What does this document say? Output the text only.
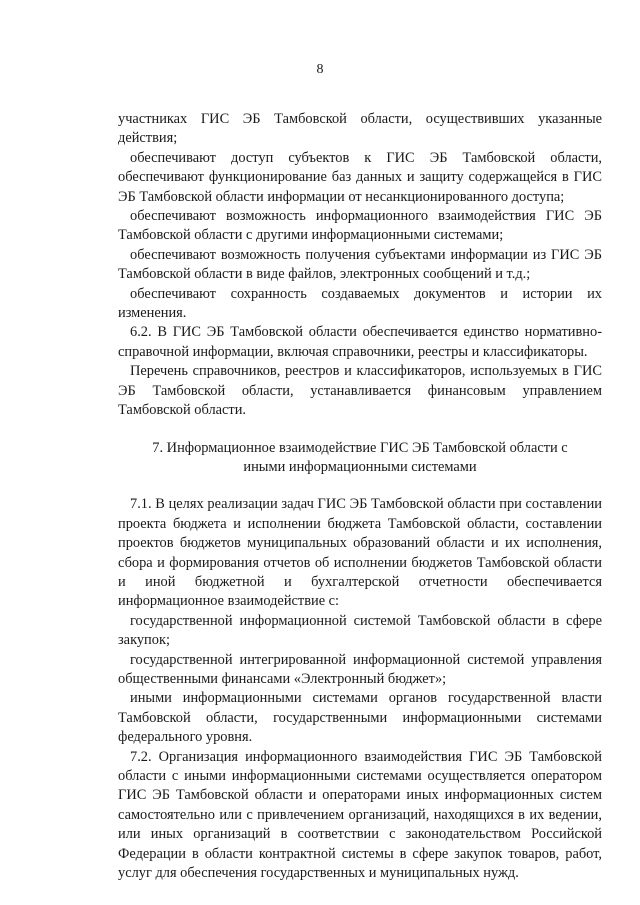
8

участниках ГИС ЭБ Тамбовской области, осуществивших указанные действия;

обеспечивают доступ субъектов к ГИС ЭБ Тамбовской области, обеспечивают функционирование баз данных и защиту содержащейся в ГИС ЭБ Тамбовской области информации от несанкционированного доступа;

обеспечивают возможность информационного взаимодействия ГИС ЭБ Тамбовской области с другими информационными системами;

обеспечивают возможность получения субъектами информации из ГИС ЭБ Тамбовской области в виде файлов, электронных сообщений и т.д.;

обеспечивают сохранность создаваемых документов и истории их изменения.

6.2. В ГИС ЭБ Тамбовской области обеспечивается единство нормативно-справочной информации, включая справочники, реестры и классификаторы.

Перечень справочников, реестров и классификаторов, используемых в ГИС ЭБ Тамбовской области, устанавливается финансовым управлением Тамбовской области.

7. Информационное взаимодействие ГИС ЭБ Тамбовской области с
иными информационными системами

7.1. В целях реализации задач ГИС ЭБ Тамбовской области при составлении проекта бюджета и исполнении бюджета Тамбовской области, составлении проектов бюджетов муниципальных образований области и их исполнения, сбора и формирования отчетов об исполнении бюджетов Тамбовской области и иной бюджетной и бухгалтерской отчетности обеспечивается информационное взаимодействие с:

государственной информационной системой Тамбовской области в сфере закупок;

государственной интегрированной информационной системой управления общественными финансами «Электронный бюджет»;

иными информационными системами органов государственной власти Тамбовской области, государственными информационными системами федерального уровня.

7.2. Организация информационного взаимодействия ГИС ЭБ Тамбовской области с иными информационными системами осуществляется оператором ГИС ЭБ Тамбовской области и операторами иных информационных систем самостоятельно или с привлечением организаций, находящихся в их ведении, или иных организаций в соответствии с законодательством Российской Федерации в области контрактной системы в сфере закупок товаров, работ, услуг для обеспечения государственных и муниципальных нужд.
